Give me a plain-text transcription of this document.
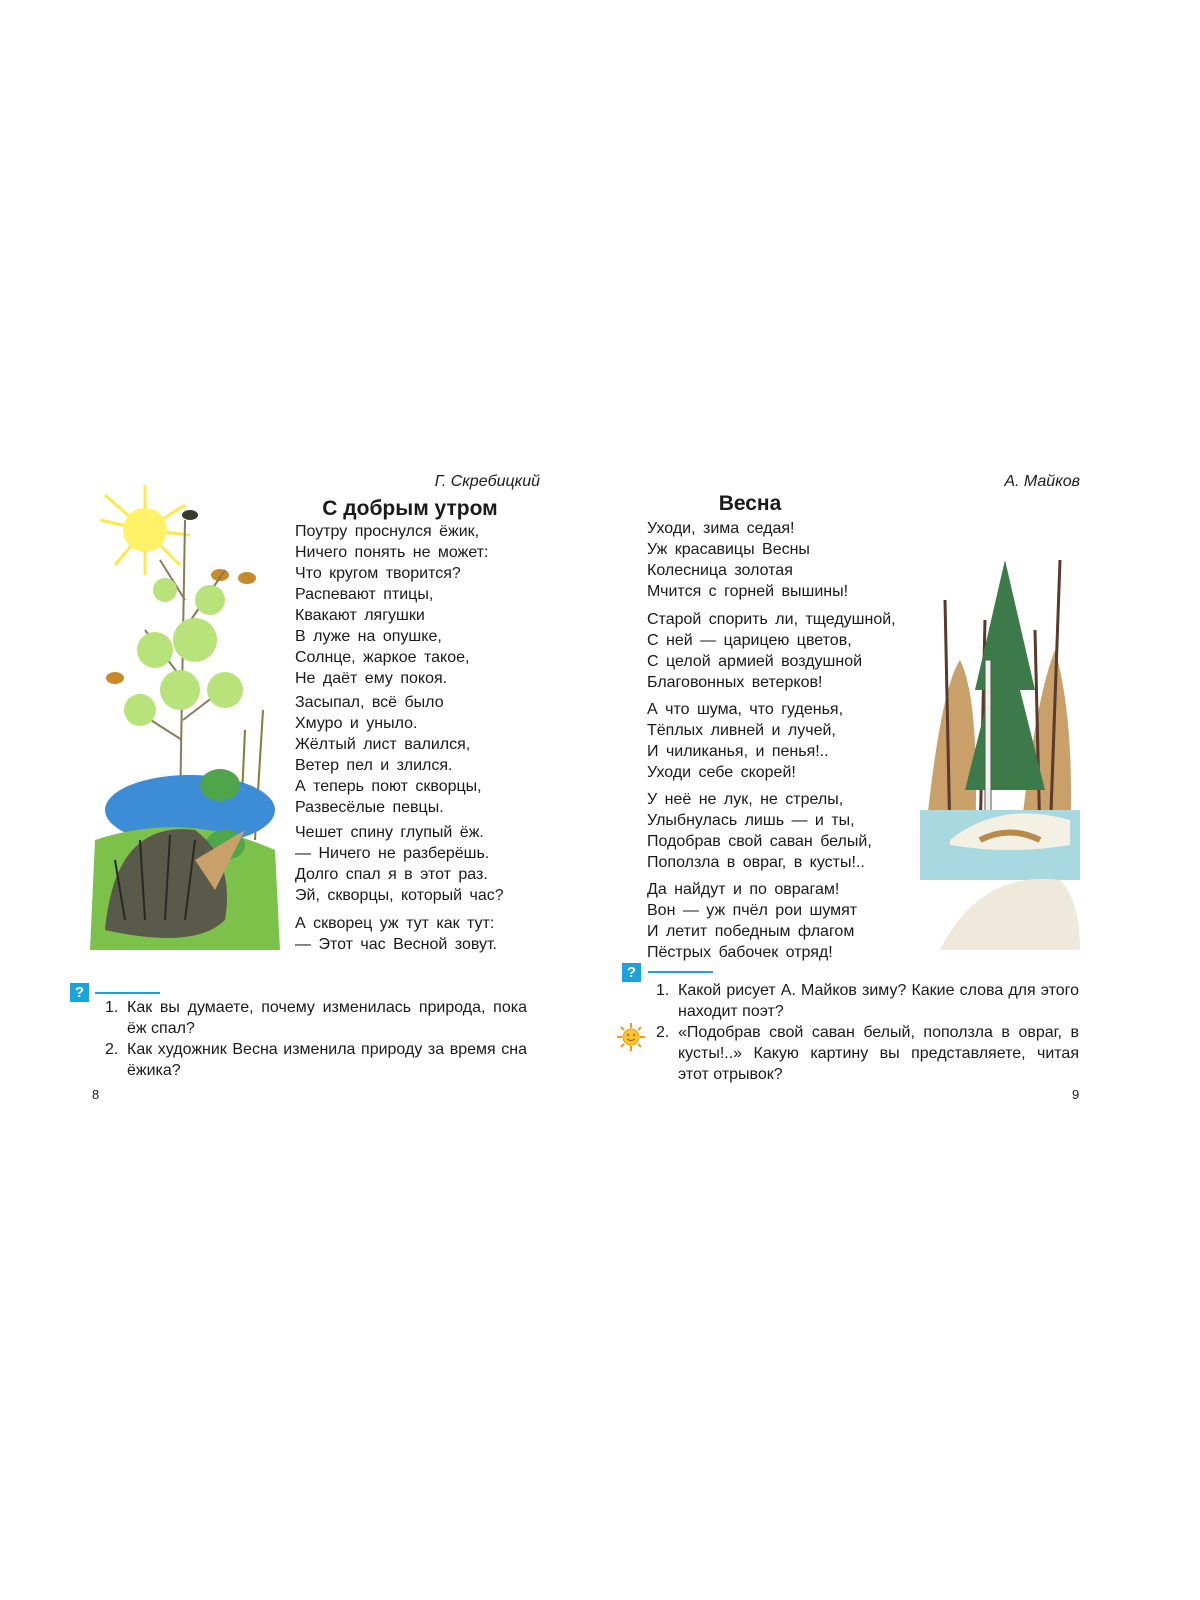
Г. Скребицкий
С добрым утром
Поутру проснулся ёжик,
Ничего понять не может:
Что кругом творится?
Распевают птицы,
Квакают лягушки
В луже на опушке,
Солнце, жаркое такое,
Не даёт ему покоя.
Засыпал, всё было
Хмуро и уныло.
Жёлтый лист валился,
Ветер пел и злился.
А теперь поют скворцы,
Развесёлые певцы.
Чешет спину глупый ёж.
— Ничего не разберёшь.
Долго спал я в этот раз.
Эй, скворцы, который час?
А скворец уж тут как тут:
— Этот час Весной зовут.
?
1. Как вы думаете, почему изменилась природа, пока ёж спал?
2. Как художник Весна изменила природу за время сна ёжика?
8
А. Майков
Весна
Уходи, зима седая!
Уж красавицы Весны
Колесница золотая
Мчится с горней вышины!
Старой спорить ли, тщедушной,
С ней — царицею цветов,
С целой армией воздушной
Благовонных ветерков!
А что шума, что гуденья,
Тёплых ливней и лучей,
И чиликанья, и пенья!..
Уходи себе скорей!
У неё не лук, не стрелы,
Улыбнулась лишь — и ты,
Подобрав свой саван белый,
Поползла в овраг, в кусты!..
Да найдут и по оврагам!
Вон — уж пчёл рои шумят
И летит победным флагом
Пёстрых бабочек отряд!
?
1. Какой рисует А. Майков зиму? Какие слова для этого находит поэт?
2. «Подобрав свой саван белый, поползла в овраг, в кусты!..» Какую картину вы представляете, читая этот отрывок?
9
